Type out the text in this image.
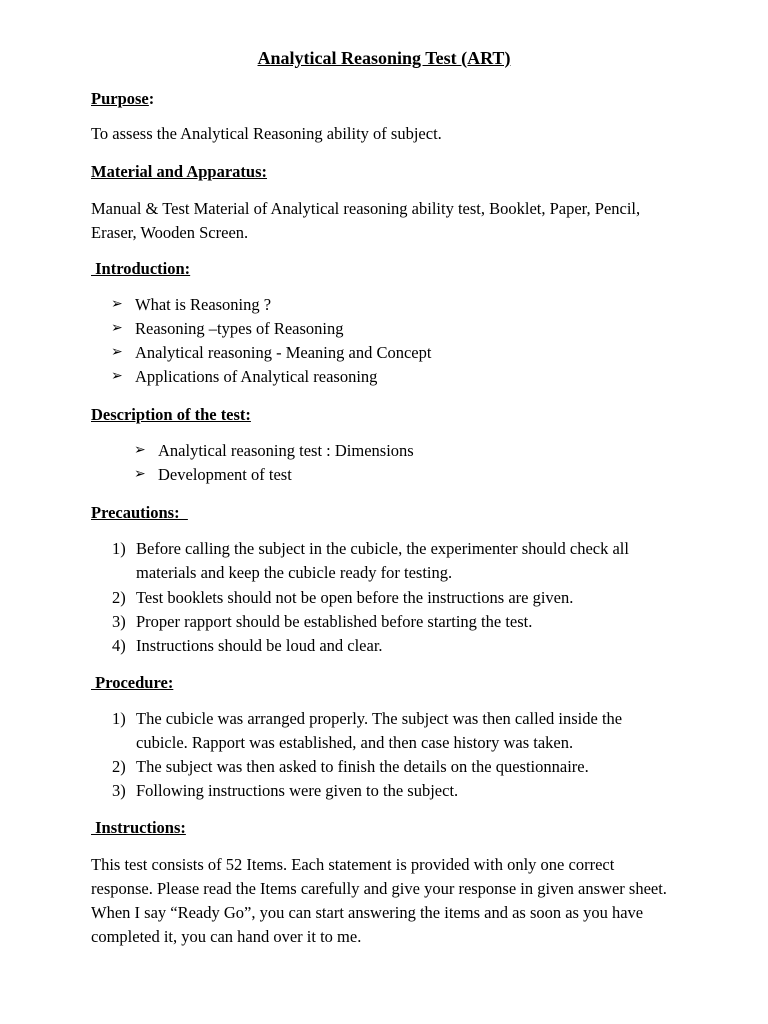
Analytical Reasoning Test (ART)
Purpose:
To assess the Analytical Reasoning ability of subject.
Material and Apparatus:
Manual & Test Material of Analytical reasoning ability test, Booklet, Paper, Pencil, Eraser, Wooden Screen.
Introduction:
➢ What is Reasoning ?
➢ Reasoning –types of Reasoning
➢ Analytical reasoning - Meaning and Concept
➢ Applications of Analytical reasoning
Description of the test:
➢ Analytical reasoning test : Dimensions
➢ Development of test
Precautions:
1) Before calling the subject in the cubicle, the experimenter should check all materials and keep the cubicle ready for testing.
2) Test booklets should not be open before the instructions are given.
3) Proper rapport should be established before starting the test.
4) Instructions should be loud and clear.
Procedure:
1) The cubicle was arranged properly. The subject was then called inside the cubicle. Rapport was established, and then case history was taken.
2) The subject was then asked to finish the details on the questionnaire.
3) Following instructions were given to the subject.
Instructions:
This test consists of 52 Items. Each statement is provided with only one correct response. Please read the Items carefully and give your response in given answer sheet. When I say “Ready Go”, you can start answering the items and as soon as you have completed it, you can hand over it to me.
